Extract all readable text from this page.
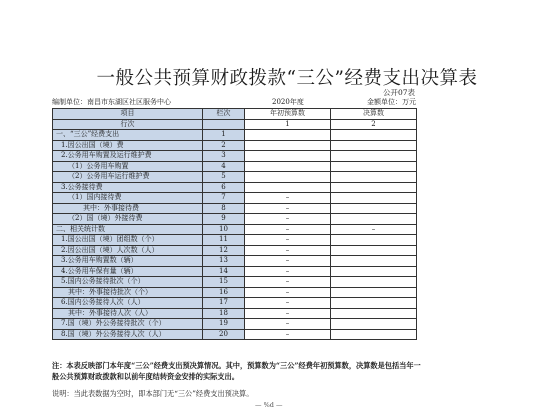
一般公共预算财政拨款“三公”经费支出决算表
公开07表
编制单位：南昌市东湖区社区服务中心	2020年度	金额单位：万元
项目	栏次	年初预算数	决算数
行次		1	2
一、“三公”经费支出	1		
1.因公出国（境）费	2		
2.公务用车购置及运行维护费	3		
（1）公务用车购置	4		
（2）公务用车运行维护费	5		
3.公务接待费	6		
（1）国内接待费	7	–	
其中：外事接待费	8	–	
（2）国（境）外接待费	9	–	
二、相关统计数	10	–	–
1.国公出国（境）团组数（个）	11	–	
2.因公出国（境）人次数（人）	12	–	
3.公务用车购置数（辆）	13	–	
4.公务用车保有量（辆）	14	–	
5.国内公务接待批次（个）	15	–	
其中：外事接待批次（个）	16	–	
6.国内公务接待人次（人）	17	–	
其中：外事接待人次（人）	18	–	
7.国（境）外公务接待批次（个）	19	–	
8.国（境）外公务接待人次（人）	20	–	
注：本表反映部门本年度“三公”经费支出预决算情况。其中，预算数为“三公”经费年初预算数，决算数是包括当年一般公共预算财政拨款和以前年度结转资金安排的实际支出。
说明：当此表数据为空时，即本部门无“三公”经费支出预决算。
— %d —
